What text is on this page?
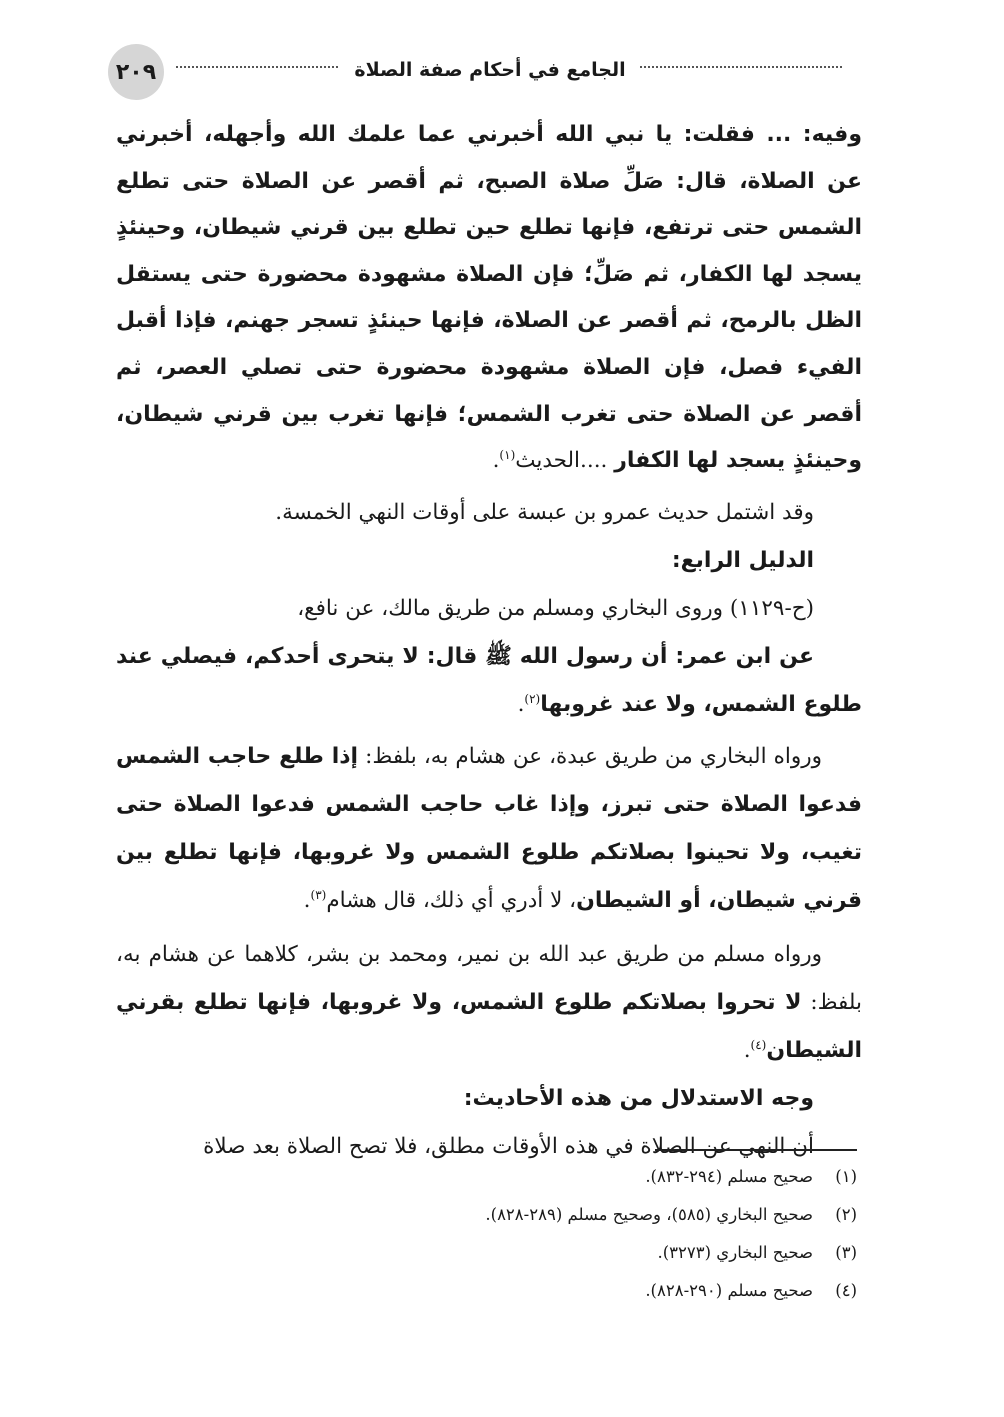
٢٠٩	الجامع في أحكام صفة الصلاة

وفيه: ... فقلت: يا نبي الله أخبرني عما علمك الله وأجهله، أخبرني عن الصلاة، قال: صَلِّ صلاة الصبح، ثم أقصر عن الصلاة حتى تطلع الشمس حتى ترتفع، فإنها تطلع حين تطلع بين قرني شيطان، وحينئذٍ يسجد لها الكفار، ثم صَلِّ؛ فإن الصلاة مشهودة محضورة حتى يستقل الظل بالرمح، ثم أقصر عن الصلاة، فإنها حينئذٍ تسجر جهنم، فإذا أقبل الفيء فصل، فإن الصلاة مشهودة محضورة حتى تصلي العصر، ثم أقصر عن الصلاة حتى تغرب الشمس؛ فإنها تغرب بين قرني شيطان، وحينئذٍ يسجد لها الكفار ....الحديث$^{(١)}$.

وقد اشتمل حديث عمرو بن عبسة على أوقات النهي الخمسة.

الدليل الرابع:

(ح-١١٢٩) وروى البخاري ومسلم من طريق مالك، عن نافع،

عن ابن عمر: أن رسول الله ﷺ قال: لا يتحرى أحدكم، فيصلي عند طلوع الشمس، ولا عند غروبها$^{(٢)}$.

ورواه البخاري من طريق عبدة، عن هشام به، بلفظ: إذا طلع حاجب الشمس فدعوا الصلاة حتى تبرز، وإذا غاب حاجب الشمس فدعوا الصلاة حتى تغيب، ولا تحينوا بصلاتكم طلوع الشمس ولا غروبها، فإنها تطلع بين قرني شيطان، أو الشيطان، لا أدري أي ذلك، قال هشام$^{(٣)}$.

ورواه مسلم من طريق عبد الله بن نمير، ومحمد بن بشر، كلاهما عن هشام به، بلفظ: لا تحروا بصلاتكم طلوع الشمس، ولا غروبها، فإنها تطلع بقرني الشيطان$^{(٤)}$.

وجه الاستدلال من هذه الأحاديث:

أن النهي عن الصلاة في هذه الأوقات مطلق، فلا تصح الصلاة بعد صلاة

(١)صحيح مسلم (٢٩٤-٨٣٢).
(٢)صحيح البخاري (٥٨٥)، وصحيح مسلم (٢٨٩-٨٢٨).
(٣)صحيح البخاري (٣٢٧٣).
(٤)صحيح مسلم (٢٩٠-٨٢٨).
